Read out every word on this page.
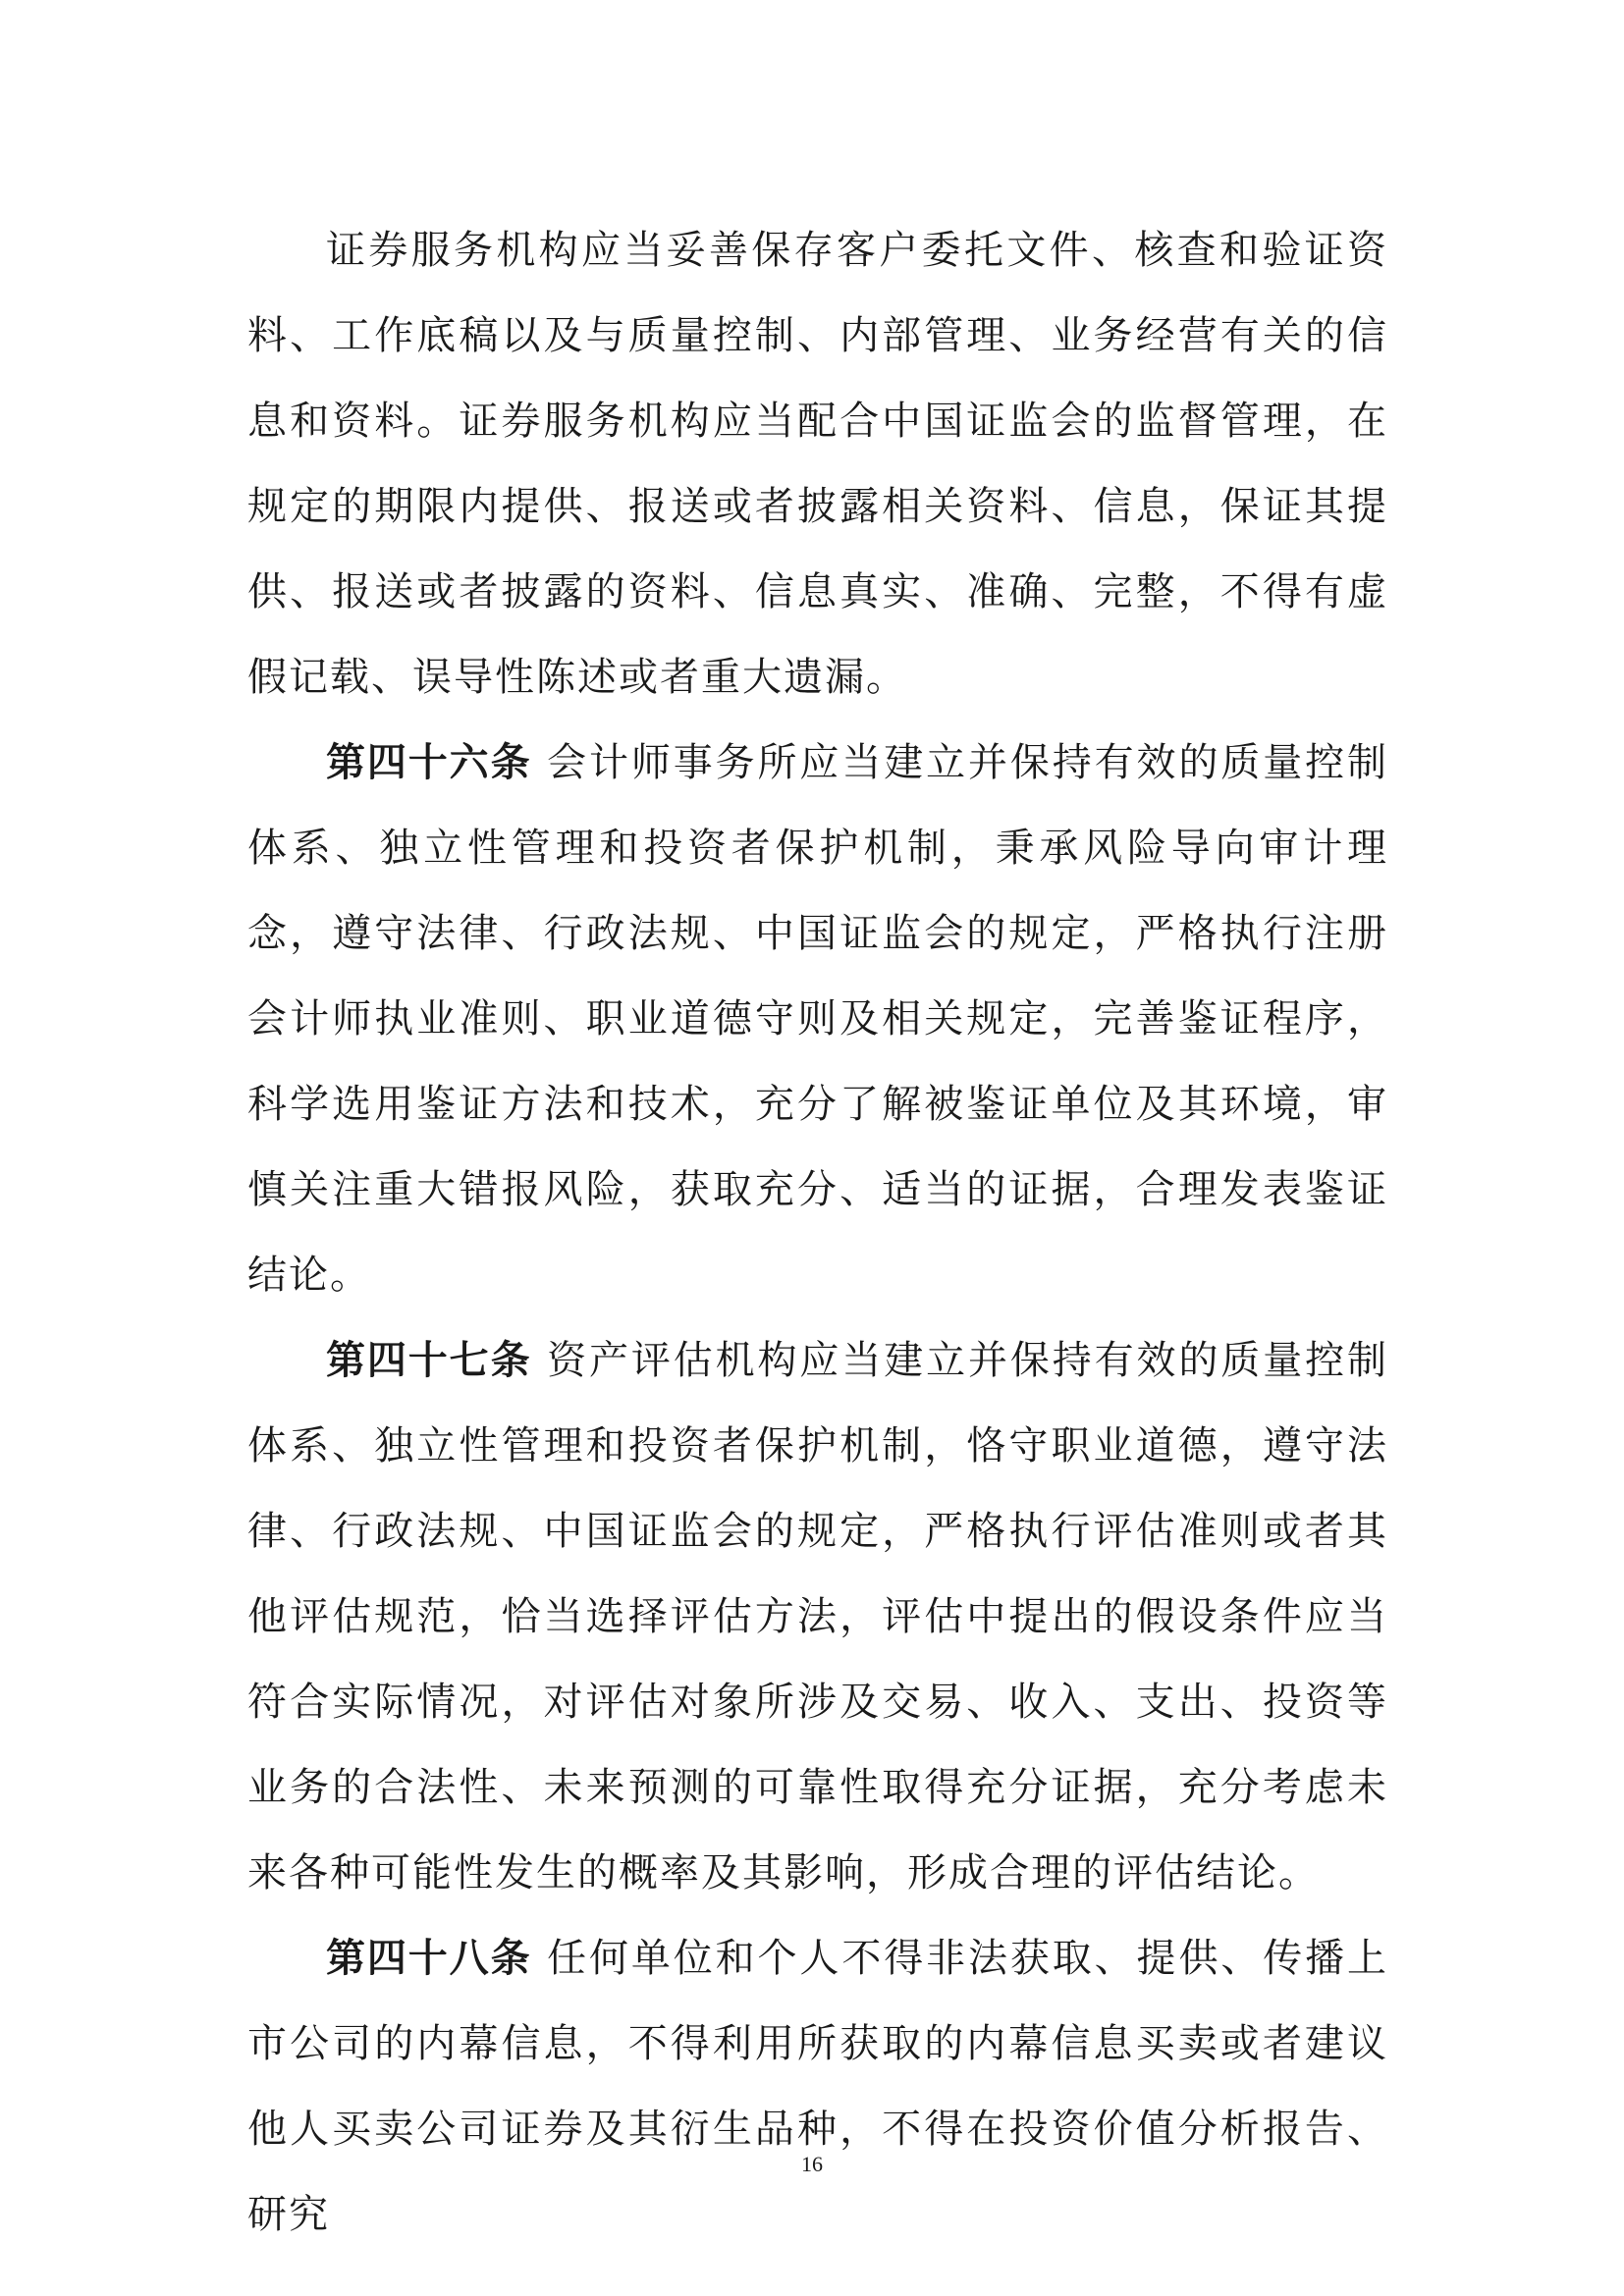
证券服务机构应当妥善保存客户委托文件、核查和验证资料、工作底稿以及与质量控制、内部管理、业务经营有关的信息和资料。证券服务机构应当配合中国证监会的监督管理，在规定的期限内提供、报送或者披露相关资料、信息，保证其提供、报送或者披露的资料、信息真实、准确、完整，不得有虚假记载、误导性陈述或者重大遗漏。

第四十六条 会计师事务所应当建立并保持有效的质量控制体系、独立性管理和投资者保护机制，秉承风险导向审计理念，遵守法律、行政法规、中国证监会的规定，严格执行注册会计师执业准则、职业道德守则及相关规定，完善鉴证程序，科学选用鉴证方法和技术，充分了解被鉴证单位及其环境，审慎关注重大错报风险，获取充分、适当的证据，合理发表鉴证结论。

第四十七条 资产评估机构应当建立并保持有效的质量控制体系、独立性管理和投资者保护机制，恪守职业道德，遵守法律、行政法规、中国证监会的规定，严格执行评估准则或者其他评估规范，恰当选择评估方法，评估中提出的假设条件应当符合实际情况，对评估对象所涉及交易、收入、支出、投资等业务的合法性、未来预测的可靠性取得充分证据，充分考虑未来各种可能性发生的概率及其影响，形成合理的评估结论。

第四十八条 任何单位和个人不得非法获取、提供、传播上市公司的内幕信息，不得利用所获取的内幕信息买卖或者建议他人买卖公司证券及其衍生品种，不得在投资价值分析报告、研究

16
